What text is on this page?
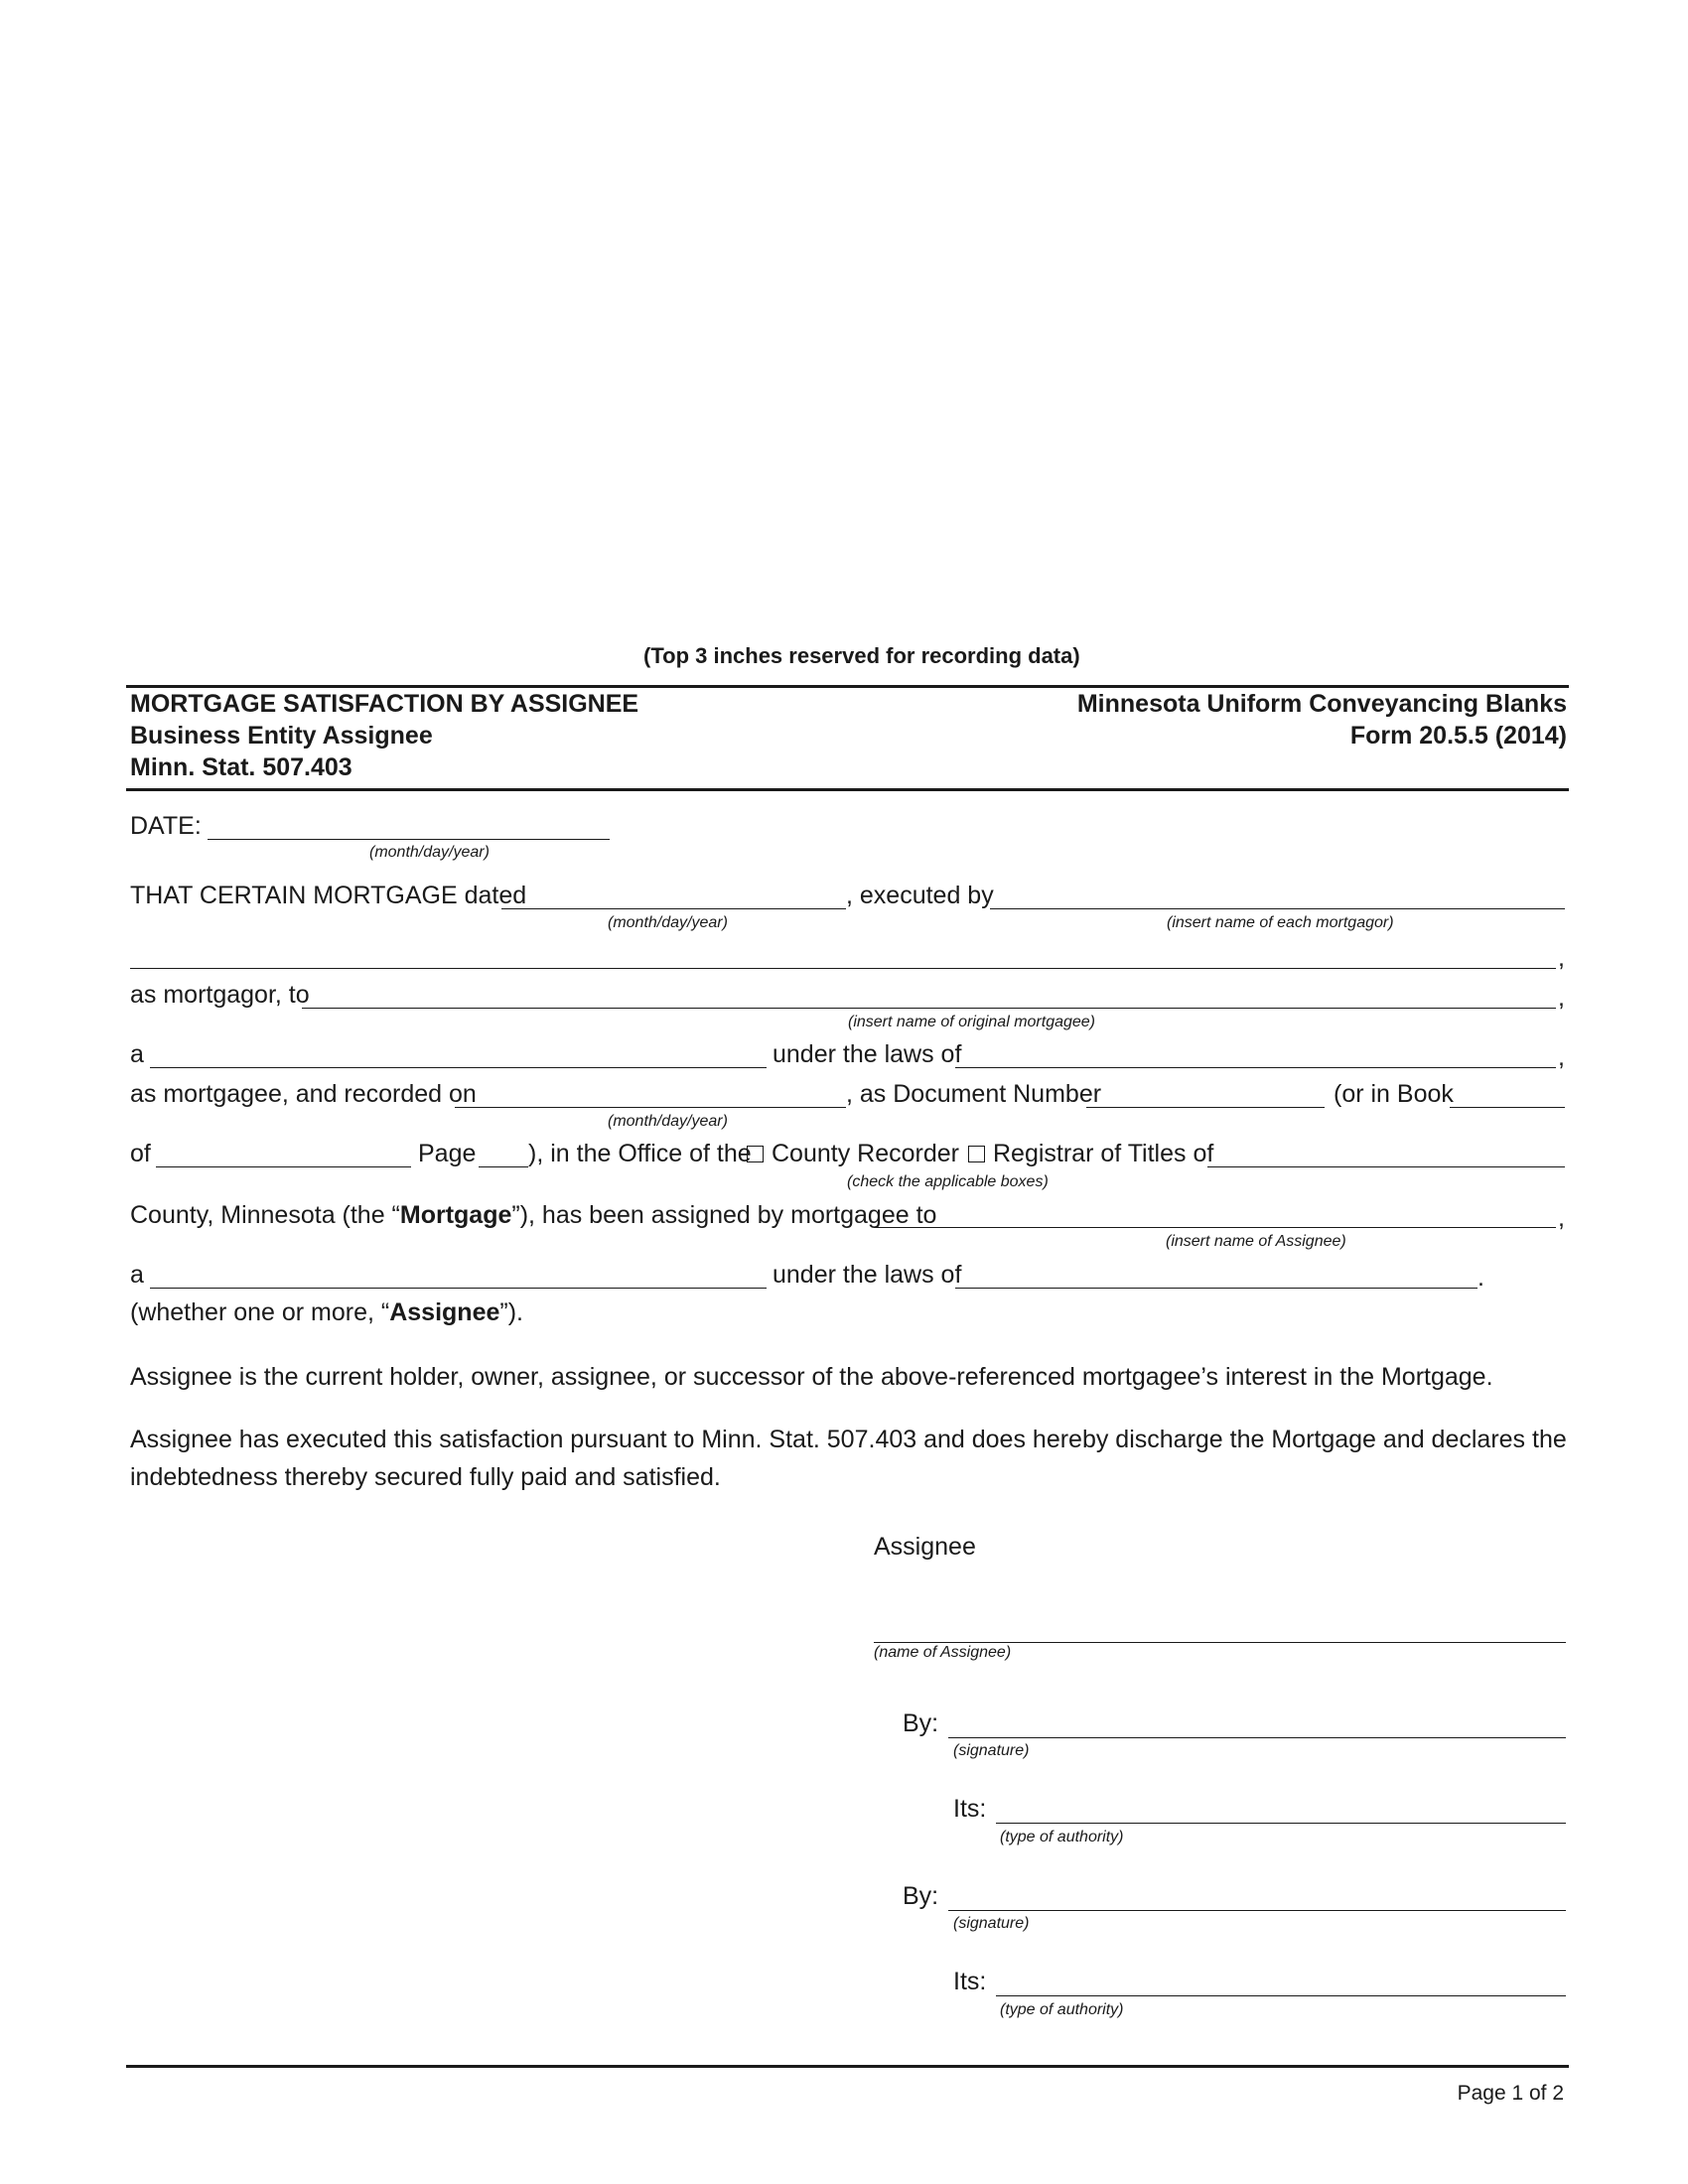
(Top 3 inches reserved for recording data)
MORTGAGE SATISFACTION BY ASSIGNEE
Business Entity Assignee
Minn. Stat. 507.403
Minnesota Uniform Conveyancing Blanks
Form 20.5.5 (2014)
DATE:
(month/day/year)
THAT CERTAIN MORTGAGE dated	, executed by
(month/day/year)	(insert name of each mortgagor)
,
as mortgagor, to	,
(insert name of original mortgagee)
a	under the laws of	,
as mortgagee, and recorded on	, as Document Number	(or in Book
(month/day/year)
of	Page ), in the Office of the County Recorder	Registrar of Titles of
(check the applicable boxes)
County, Minnesota (the “Mortgage”), has been assigned by mortgagee to	,
(insert name of Assignee)
a	under the laws of	.
(whether one or more, “Assignee”).
Assignee is the current holder, owner, assignee, or successor of the above-referenced mortgagee’s interest in the Mortgage.
Assignee has executed this satisfaction pursuant to Minn. Stat. 507.403 and does hereby discharge the Mortgage and declares the
indebtedness thereby secured fully paid and satisfied.
Assignee
(name of Assignee)
By:
(signature)
Its:
(type of authority)
By:
(signature)
Its:
(type of authority)
Page 1 of 2
